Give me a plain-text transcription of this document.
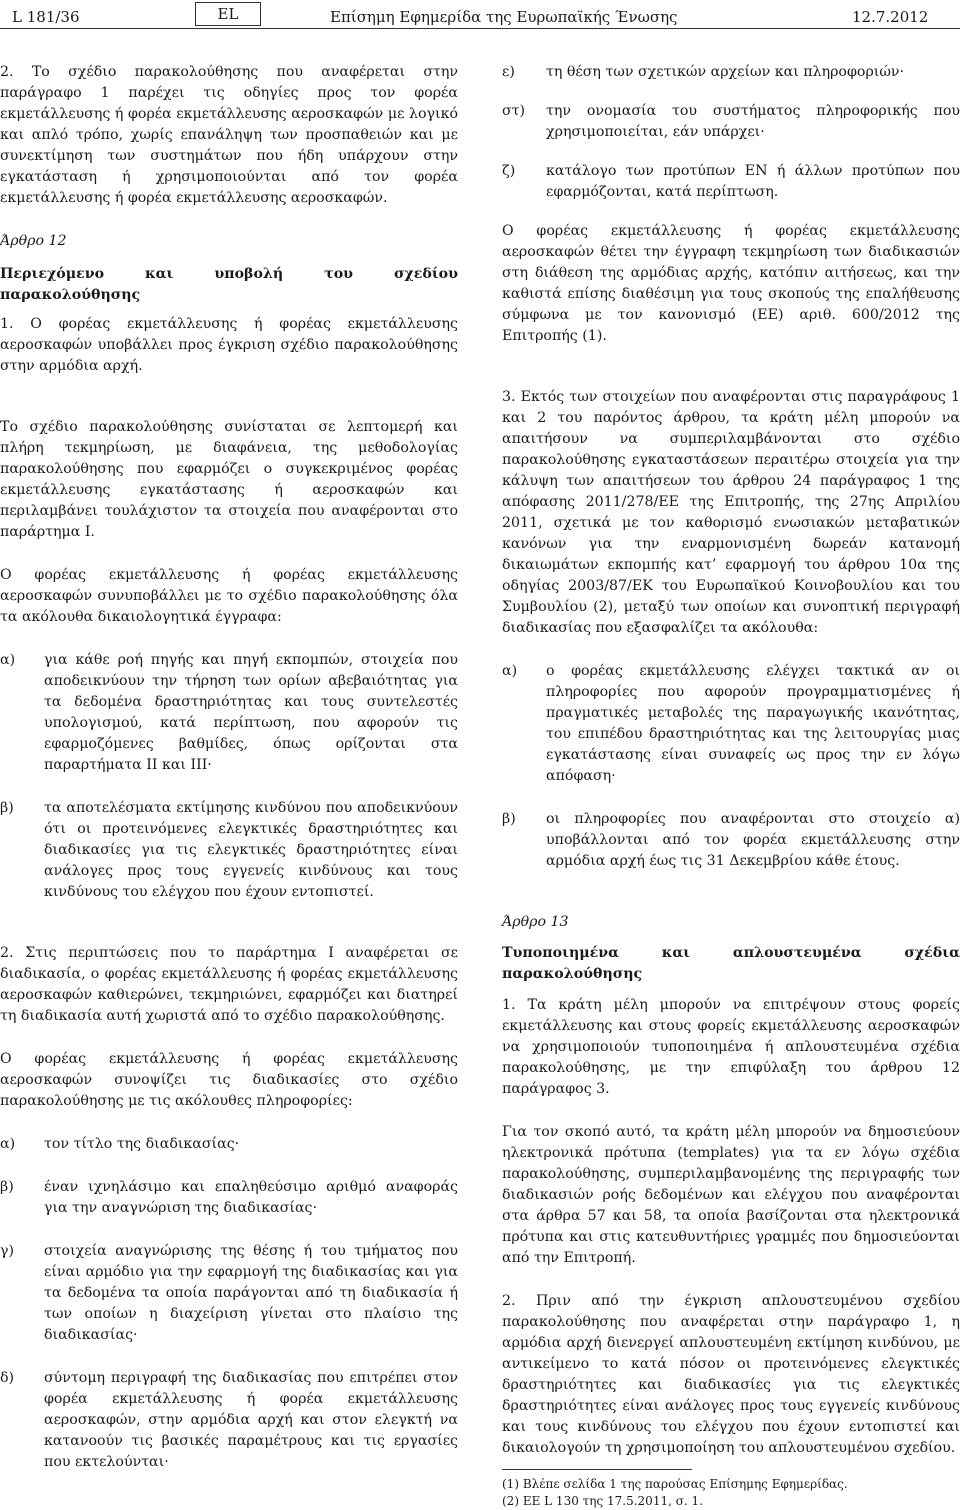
L 181/36	EL	Επίσημη Εφημερίδα της Ευρωπαϊκής Ένωσης	12.7.2012

2. Το σχέδιο παρακολούθησης που αναφέρεται στην παράγραφο 1 παρέχει τις οδηγίες προς τον φορέα εκμετάλλευσης ή φορέα εκμετάλλευσης αεροσκαφών με λογικό και απλό τρόπο, χωρίς επανάληψη των προσπαθειών και με συνεκτίμηση των συστημάτων που ήδη υπάρχουν στην εγκατάσταση ή χρησιμοποιούνται από τον φορέα εκμετάλλευσης ή φορέα εκμετάλλευσης αεροσκαφών.

Άρθρο 12

Περιεχόμενο και υποβολή του σχεδίου παρακολούθησης

1. Ο φορέας εκμετάλλευσης ή φορέας εκμετάλλευσης αεροσκαφών υποβάλλει προς έγκριση σχέδιο παρακολούθησης στην αρμόδια αρχή.

Το σχέδιο παρακολούθησης συνίσταται σε λεπτομερή και πλήρη τεκμηρίωση, με διαφάνεια, της μεθοδολογίας παρακολούθησης που εφαρμόζει ο συγκεκριμένος φορέας εκμετάλλευσης εγκατάστασης ή αεροσκαφών και περιλαμβάνει τουλάχιστον τα στοιχεία που αναφέρονται στο παράρτημα I.

Ο φορέας εκμετάλλευσης ή φορέας εκμετάλλευσης αεροσκαφών συνυποβάλλει με το σχέδιο παρακολούθησης όλα τα ακόλουθα δικαιολογητικά έγγραφα:

α)	για κάθε ροή πηγής και πηγή εκπομπών, στοιχεία που αποδεικνύουν την τήρηση των ορίων αβεβαιότητας για τα δεδομένα δραστηριότητας και τους συντελεστές υπολογισμού, κατά περίπτωση, που αφορούν τις εφαρμοζόμενες βαθμίδες, όπως ορίζονται στα παραρτήματα II και III·
β)	τα αποτελέσματα εκτίμησης κινδύνου που αποδεικνύουν ότι οι προτεινόμενες ελεγκτικές δραστηριότητες και διαδικασίες για τις ελεγκτικές δραστηριότητες είναι ανάλογες προς τους εγγενείς κινδύνους και τους κινδύνους του ελέγχου που έχουν εντοπιστεί.

2. Στις περιπτώσεις που το παράρτημα I αναφέρεται σε διαδικασία, ο φορέας εκμετάλλευσης ή φορέας εκμετάλλευσης αεροσκαφών καθιερώνει, τεκμηριώνει, εφαρμόζει και διατηρεί τη διαδικασία αυτή χωριστά από το σχέδιο παρακολούθησης.

Ο φορέας εκμετάλλευσης ή φορέας εκμετάλλευσης αεροσκαφών συνοψίζει τις διαδικασίες στο σχέδιο παρακολούθησης με τις ακόλουθες πληροφορίες:

α)	τον τίτλο της διαδικασίας·
β)	έναν ιχνηλάσιμο και επαληθεύσιμο αριθμό αναφοράς για την αναγνώριση της διαδικασίας·
γ)	στοιχεία αναγνώρισης της θέσης ή του τμήματος που είναι αρμόδιο για την εφαρμογή της διαδικασίας και για τα δεδομένα τα οποία παράγονται από τη διαδικασία ή των οποίων η διαχείριση γίνεται στο πλαίσιο της διαδικασίας·
δ)	σύντομη περιγραφή της διαδικασίας που επιτρέπει στον φορέα εκμετάλλευσης ή φορέα εκμετάλλευσης αεροσκαφών, στην αρμόδια αρχή και στον ελεγκτή να κατανοούν τις βασικές παραμέτρους και τις εργασίες που εκτελούνται·
ε)	τη θέση των σχετικών αρχείων και πληροφοριών·
στ)	την ονομασία του συστήματος πληροφορικής που χρησιμοποιείται, εάν υπάρχει·
ζ)	κατάλογο των προτύπων ΕΝ ή άλλων προτύπων που εφαρμόζονται, κατά περίπτωση.

Ο φορέας εκμετάλλευσης ή φορέας εκμετάλλευσης αεροσκαφών θέτει την έγγραφη τεκμηρίωση των διαδικασιών στη διάθεση της αρμόδιας αρχής, κατόπιν αιτήσεως, και την καθιστά επίσης διαθέσιμη για τους σκοπούς της επαλήθευσης σύμφωνα με τον κανονισμό (ΕΕ) αριθ. 600/2012 της Επιτροπής (1).

3. Εκτός των στοιχείων που αναφέρονται στις παραγράφους 1 και 2 του παρόντος άρθρου, τα κράτη μέλη μπορούν να απαιτήσουν να συμπεριλαμβάνονται στο σχέδιο παρακολούθησης εγκαταστάσεων περαιτέρω στοιχεία για την κάλυψη των απαιτήσεων του άρθρου 24 παράγραφος 1 της απόφασης 2011/278/ΕΕ της Επιτροπής, της 27ης Απριλίου 2011, σχετικά με τον καθορισμό ενωσιακών μεταβατικών κανόνων για την εναρμονισμένη δωρεάν κατανομή δικαιωμάτων εκπομπής κατ’ εφαρμογή του άρθρου 10α της οδηγίας 2003/87/ΕΚ του Ευρωπαϊκού Κοινοβουλίου και του Συμβουλίου (2), μεταξύ των οποίων και συνοπτική περιγραφή διαδικασίας που εξασφαλίζει τα ακόλουθα:

α)	ο φορέας εκμετάλλευσης ελέγχει τακτικά αν οι πληροφορίες που αφορούν προγραμματισμένες ή πραγματικές μεταβολές της παραγωγικής ικανότητας, του επιπέδου δραστηριότητας και της λειτουργίας μιας εγκατάστασης είναι συναφείς ως προς την εν λόγω απόφαση·
β)	οι πληροφορίες που αναφέρονται στο στοιχείο α) υποβάλλονται από τον φορέα εκμετάλλευσης στην αρμόδια αρχή έως τις 31 Δεκεμβρίου κάθε έτους.

Άρθρο 13

Τυποποιημένα και απλουστευμένα σχέδια παρακολούθησης

1. Τα κράτη μέλη μπορούν να επιτρέψουν στους φορείς εκμετάλλευσης και στους φορείς εκμετάλλευσης αεροσκαφών να χρησιμοποιούν τυποποιημένα ή απλουστευμένα σχέδια παρακολούθησης, με την επιφύλαξη του άρθρου 12 παράγραφος 3.

Για τον σκοπό αυτό, τα κράτη μέλη μπορούν να δημοσιεύουν ηλεκτρονικά πρότυπα (templates) για τα εν λόγω σχέδια παρακολούθησης, συμπεριλαμβανομένης της περιγραφής των διαδικασιών ροής δεδομένων και ελέγχου που αναφέρονται στα άρθρα 57 και 58, τα οποία βασίζονται στα ηλεκτρονικά πρότυπα και στις κατευθυντήριες γραμμές που δημοσιεύονται από την Επιτροπή.

2. Πριν από την έγκριση απλουστευμένου σχεδίου παρακολούθησης που αναφέρεται στην παράγραφο 1, η αρμόδια αρχή διενεργεί απλουστευμένη εκτίμηση κινδύνου, με αντικείμενο το κατά πόσον οι προτεινόμενες ελεγκτικές δραστηριότητες και διαδικασίες για τις ελεγκτικές δραστηριότητες είναι ανάλογες προς τους εγγενείς κινδύνους και τους κινδύνους του ελέγχου που έχουν εντοπιστεί και δικαιολογούν τη χρησιμοποίηση του απλουστευμένου σχεδίου.

(1) Βλέπε σελίδα 1 της παρούσας Επίσημης Εφημερίδας.

(2) ΕΕ L 130 της 17.5.2011, σ. 1.
